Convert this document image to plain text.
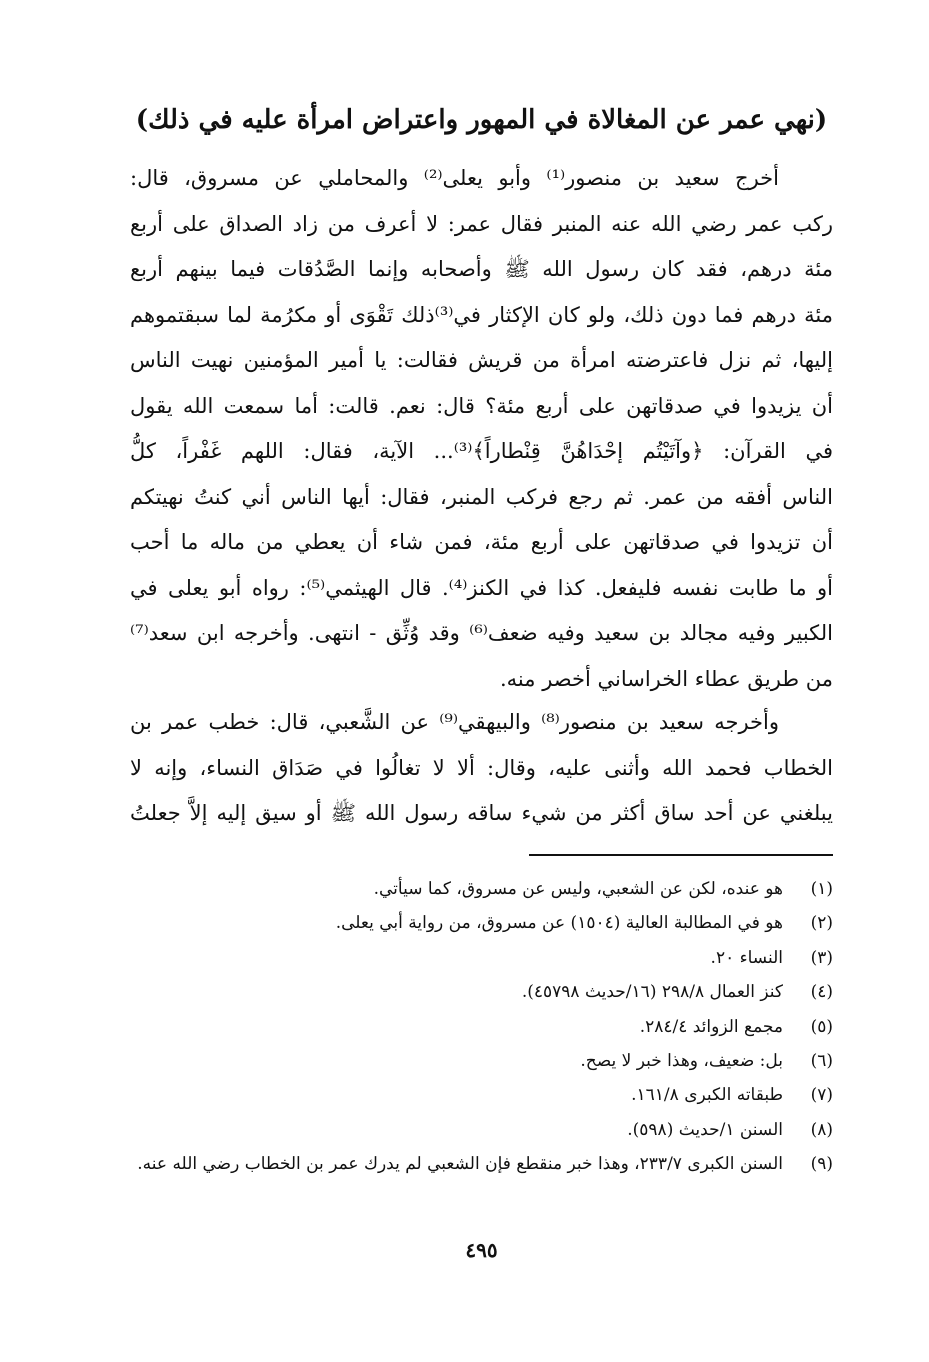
(نهي عمر عن المغالاة في المهور واعتراض امرأة عليه في ذلك)
أخرج سعيد بن منصور⁽¹⁾ وأبو يعلى⁽²⁾ والمحاملي عن مسروق، قال:
ركب عمر رضي الله عنه المنبر فقال عمر: لا أعرف من زاد الصداق على أربع
مئة درهم، فقد كان رسول الله ﷺ وأصحابه وإنما الصَّدُقات فيما بينهم أربع
مئة درهم فما دون ذلك، ولو كان الإكثار في⁽³⁾ذلك تَقْوَى أو مكرُمة لما سبقتموهم
إليها، ثم نزل فاعترضته امرأة من قريش فقالت: يا أمير المؤمنين نهيت الناس
أن يزيدوا في صدقاتهن على أربع مئة؟ قال: نعم. قالت: أما سمعت الله يقول
في القرآن: ﴿وآتَيْتُم إحْدَاهُنَّ قِنْطاراً﴾⁽³⁾... الآية، فقال: اللهم غَفْراً، كلُّ
الناس أفقه من عمر. ثم رجع فركب المنبر، فقال: أيها الناس أني كنتُ نهيتكم
أن تزيدوا في صدقاتهن على أربع مئة، فمن شاء أن يعطي من ماله ما أحب
أو ما طابت نفسه فليفعل. كذا في الكنز⁽⁴⁾. قال الهيثمي⁽⁵⁾: رواه أبو يعلى في
الكبير وفيه مجالد بن سعيد وفيه ضعف⁽⁶⁾ وقد وُثِّق - انتهى. وأخرجه ابن سعد⁽⁷⁾
من طريق عطاء الخراساني أخصر منه.
وأخرجه سعيد بن منصور⁽⁸⁾ والبيهقي⁽⁹⁾ عن الشَّعبي، قال: خطب عمر بن
الخطاب فحمد الله وأثنى عليه، وقال: ألا لا تغالُوا في صَدَاق النساء، وإنه لا
يبلغني عن أحد ساق أكثر من شيء ساقه رسول الله ﷺ أو سيق إليه إلاَّ جعلتُ
(١)
هو عنده، لكن عن الشعبي، وليس عن مسروق، كما سيأتي.
(٢)
هو في المطالبة العالية (١٥٠٤) عن مسروق، من رواية أبي يعلى.
(٣)
النساء ٢٠.
(٤)
كنز العمال ٢٩٨/٨ (١٦/حديث ٤٥٧٩٨).
(٥)
مجمع الزوائد ٢٨٤/٤.
(٦)
بل: ضعيف، وهذا خبر لا يصح.
(٧)
طبقاته الكبرى ١٦١/٨.
(٨)
السنن ١/حديث (٥٩٨).
(٩)
السنن الكبرى ٢٣٣/٧، وهذا خبر منقطع فإن الشعبي لم يدرك عمر بن الخطاب رضي الله عنه.
٤٩٥
